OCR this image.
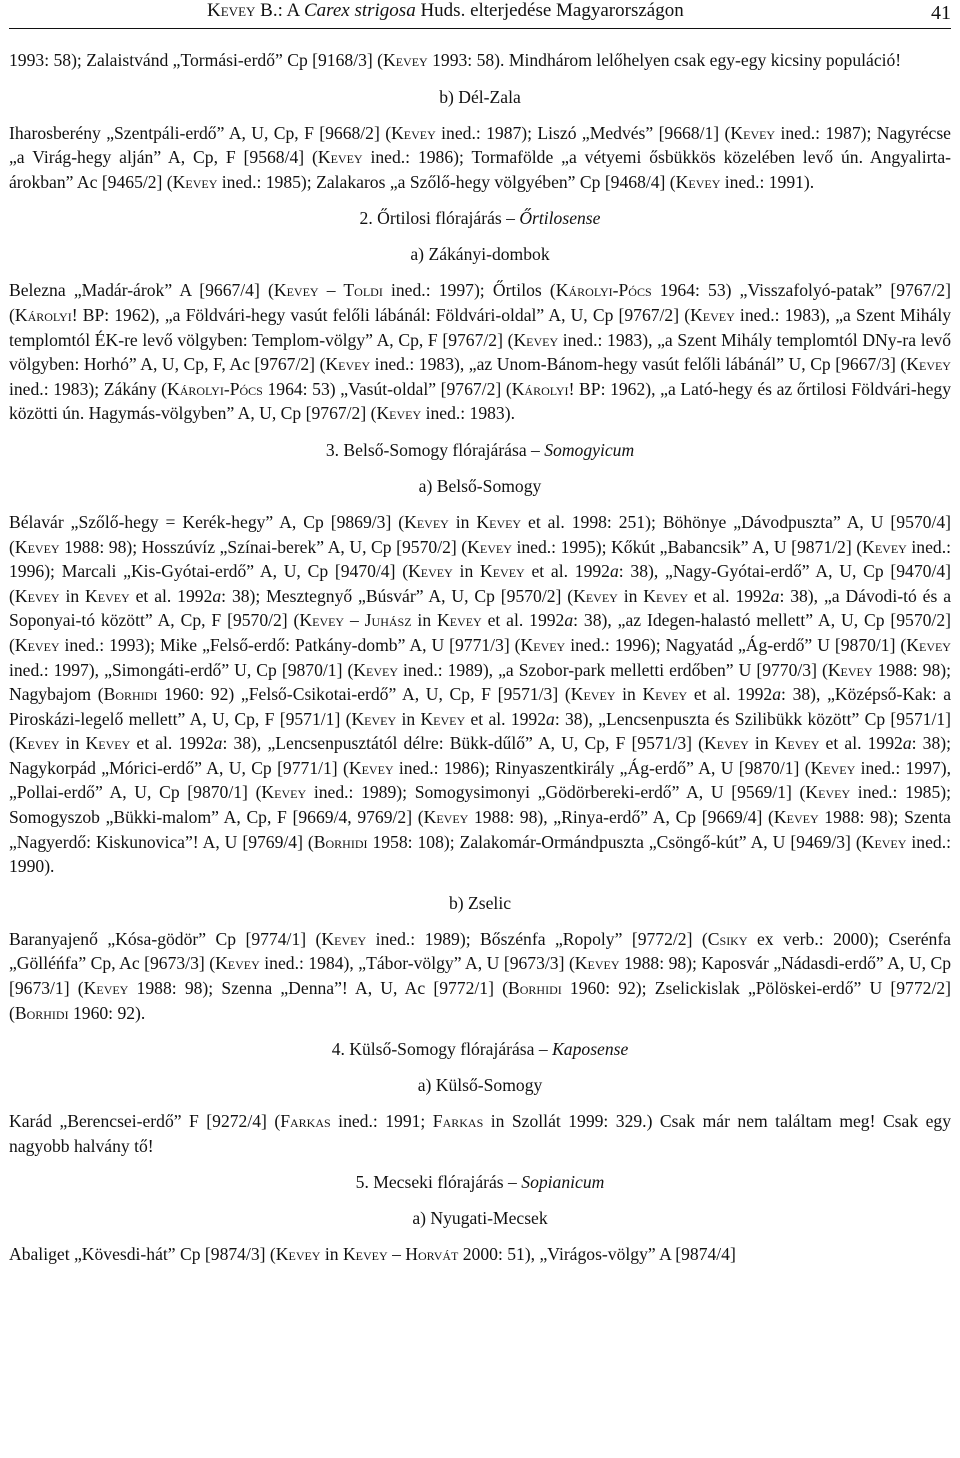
Kevey B.: A Carex strigosa Huds. elterjedése Magyarországon	41

1993: 58); Zalaistvánd „Tormási-erdő” Cp [9168/3] (Kevey 1993: 58). Mindhárom lelőhelyen csak egy-egy kicsiny populáció!

b) Dél-Zala

Iharosberény „Szentpáli-erdő” A, U, Cp, F [9668/2] (Kevey ined.: 1987); Liszó „Medvés” [9668/1] (Kevey ined.: 1987); Nagyrécse „a Virág-hegy alján” A, Cp, F [9568/4] (Kevey ined.: 1986); Tormafölde „a vétyemi ősbükkös közelében levő ún. Angyalirta-árokban” Ac [9465/2] (Kevey ined.: 1985); Zalakaros „a Szőlő-hegy völgyében” Cp [9468/4] (Kevey ined.: 1991).

2. Őrtilosi flórajárás – Őrtilosense

a) Zákányi-dombok

Belezna „Madár-árok” A [9667/4] (Kevey – Toldi ined.: 1997); Őrtilos (Károlyi-Pócs 1964: 53) „Visszafolyó-patak” [9767/2] (Károlyi! BP: 1962), „a Földvári-hegy vasút felőli lábánál: Földvári-oldal” A, U, Cp [9767/2] (Kevey ined.: 1983), „a Szent Mihály templomtól ÉK-re levő völgyben: Templom-völgy” A, Cp, F [9767/2] (Kevey ined.: 1983), „a Szent Mihály templomtól DNy-ra levő völgyben: Horhó” A, U, Cp, F, Ac [9767/2] (Kevey ined.: 1983), „az Unom-Bánom-hegy vasút felőli lábánál” U, Cp [9667/3] (Kevey ined.: 1983); Zákány (Károlyi-Pócs 1964: 53) „Vasút-oldal” [9767/2] (Károlyi! BP: 1962), „a Lató-hegy és az őrtilosi Földvári-hegy közötti ún. Hagymás-völgyben” A, U, Cp [9767/2] (Kevey ined.: 1983).

3. Belső-Somogy flórajárása – Somogyicum

a) Belső-Somogy

Bélavár „Szőlő-hegy = Kerék-hegy” A, Cp [9869/3] (Kevey in Kevey et al. 1998: 251); Böhönye „Dávodpuszta” A, U [9570/4] (Kevey 1988: 98); Hosszúvíz „Színai-berek” A, U, Cp [9570/2] (Kevey ined.: 1995); Kőkút „Babancsik” A, U [9871/2] (Kevey ined.: 1996); Marcali „Kis-Gyótai-erdő” A, U, Cp [9470/4] (Kevey in Kevey et al. 1992a: 38), „Nagy-Gyótai-erdő” A, U, Cp [9470/4] (Kevey in Kevey et al. 1992a: 38); Mesztegnyő „Búsvár” A, U, Cp [9570/2] (Kevey in Kevey et al. 1992a: 38), „a Dávodi-tó és a Soponyai-tó között” A, Cp, F [9570/2] (Kevey – Juhász in Kevey et al. 1992a: 38), „az Idegen-halastó mellett” A, U, Cp [9570/2] (Kevey ined.: 1993); Mike „Felső-erdő: Patkány-domb” A, U [9771/3] (Kevey ined.: 1996); Nagyatád „Ág-erdő” U [9870/1] (Kevey ined.: 1997), „Simongáti-erdő” U, Cp [9870/1] (Kevey ined.: 1989), „a Szobor-park melletti erdőben” U [9770/3] (Kevey 1988: 98); Nagybajom (Borhidi 1960: 92) „Felső-Csikotai-erdő” A, U, Cp, F [9571/3] (Kevey in Kevey et al. 1992a: 38), „Középső-Kak: a Piroskázi-legelő mellett” A, U, Cp, F [9571/1] (Kevey in Kevey et al. 1992a: 38), „Lencsenpuszta és Szilibükk között” Cp [9571/1] (Kevey in Kevey et al. 1992a: 38), „Lencsenpusztától délre: Bükk-dűlő” A, U, Cp, F [9571/3] (Kevey in Kevey et al. 1992a: 38); Nagykorpád „Mórici-erdő” A, U, Cp [9771/1] (Kevey ined.: 1986); Rinyaszentkirály „Ág-erdő” A, U [9870/1] (Kevey ined.: 1997), „Pollai-erdő” A, U, Cp [9870/1] (Kevey ined.: 1989); Somogysimonyi „Gödörbereki-erdő” A, U [9569/1] (Kevey ined.: 1985); Somogyszob „Bükki-malom” A, Cp, F [9669/4, 9769/2] (Kevey 1988: 98), „Rinya-erdő” A, Cp [9669/4] (Kevey 1988: 98); Szenta „Nagyerdő: Kiskunovica”! A, U [9769/4] (Borhidi 1958: 108); Zalakomár-Ormándpuszta „Csöngő-kút” A, U [9469/3] (Kevey ined.: 1990).

b) Zselic

Baranyajenő „Kósa-gödör” Cp [9774/1] (Kevey ined.: 1989); Bőszénfa „Ropoly” [9772/2] (Csiky ex verb.: 2000); Cserénfa „Gölléńfa” Cp, Ac [9673/3] (Kevey ined.: 1984), „Tábor-völgy” A, U [9673/3] (Kevey 1988: 98); Kaposvár „Nádasdi-erdő” A, U, Cp [9673/1] (Kevey 1988: 98); Szenna „Denna”! A, U, Ac [9772/1] (Borhidi 1960: 92); Zselickislak „Pölöskei-erdő” U [9772/2] (Borhidi 1960: 92).

4. Külső-Somogy flórajárása – Kaposense

a) Külső-Somogy

Karád „Berencsei-erdő” F [9272/4] (Farkas ined.: 1991; Farkas in Szollát 1999: 329.) Csak már nem találtam meg! Csak egy nagyobb halvány tő!

5. Mecseki flórajárás – Sopianicum

a) Nyugati-Mecsek

Abaliget „Kövesdi-hát” Cp [9874/3] (Kevey in Kevey – Horvát 2000: 51), „Virágos-völgy” A [9874/4]
